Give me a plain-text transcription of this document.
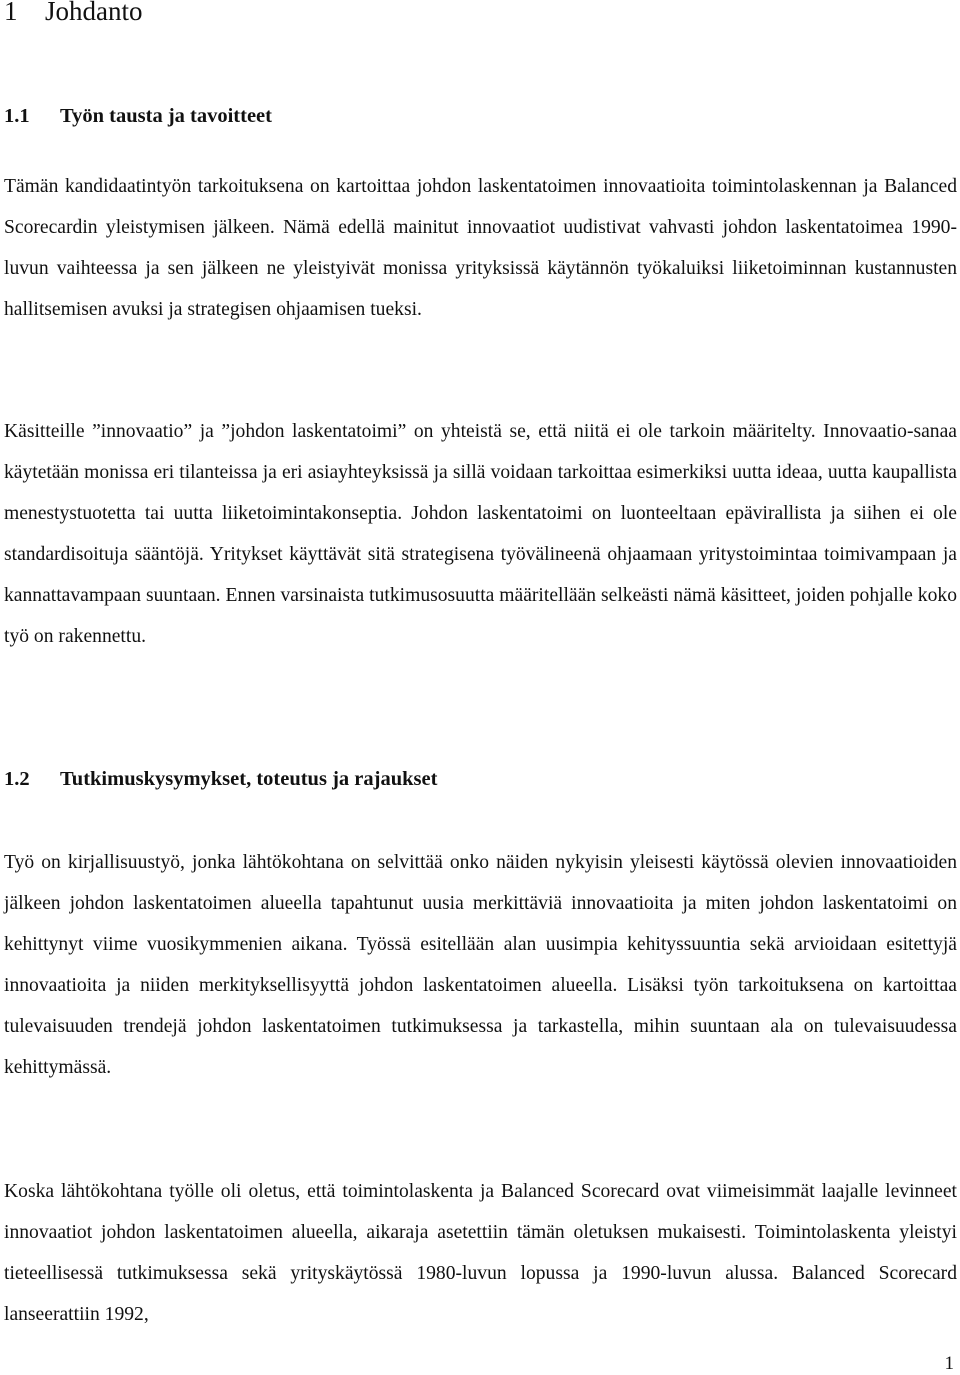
1 Johdanto
1.1 Työn tausta ja tavoitteet

Tämän kandidaatintyön tarkoituksena on kartoittaa johdon laskentatoimen innovaatioita toimintolaskennan ja Balanced Scorecardin yleistymisen jälkeen. Nämä edellä mainitut innovaatiot uudistivat vahvasti johdon laskentatoimea 1990-luvun vaihteessa ja sen jälkeen ne yleistyivät monissa yrityksissä käytännön työkaluiksi liiketoiminnan kustannusten hallitsemisen avuksi ja strategisen ohjaamisen tueksi.

Käsitteille ”innovaatio” ja ”johdon laskentatoimi” on yhteistä se, että niitä ei ole tarkoin määritelty. Innovaatio-sanaa käytetään monissa eri tilanteissa ja eri asiayhteyksissä ja sillä voidaan tarkoittaa esimerkiksi uutta ideaa, uutta kaupallista menestystuotetta tai uutta liiketoimintakonseptia. Johdon laskentatoimi on luonteeltaan epävirallista ja siihen ei ole standardisoituja sääntöjä. Yritykset käyttävät sitä strategisena työvälineenä ohjaamaan yritystoimintaa toimivampaan ja kannattavampaan suuntaan. Ennen varsinaista tutkimusosuutta määritellään selkeästi nämä käsitteet, joiden pohjalle koko työ on rakennettu.

1.2 Tutkimuskysymykset, toteutus ja rajaukset

Työ on kirjallisuustyö, jonka lähtökohtana on selvittää onko näiden nykyisin yleisesti käytössä olevien innovaatioiden jälkeen johdon laskentatoimen alueella tapahtunut uusia merkittäviä innovaatioita ja miten johdon laskentatoimi on kehittynyt viime vuosikymmenien aikana. Työssä esitellään alan uusimpia kehityssuuntia sekä arvioidaan esitettyjä innovaatioita ja niiden merkityksellisyyttä johdon laskentatoimen alueella. Lisäksi työn tarkoituksena on kartoittaa tulevaisuuden trendejä johdon laskentatoimen tutkimuksessa ja tarkastella, mihin suuntaan ala on tulevaisuudessa kehittymässä.

Koska lähtökohtana työlle oli oletus, että toimintolaskenta ja Balanced Scorecard ovat viimeisimmät laajalle levinneet innovaatiot johdon laskentatoimen alueella, aikaraja asetettiin tämän oletuksen mukaisesti. Toimintolaskenta yleistyi tieteellisessä tutkimuksessa sekä yrityskäytössä 1980-luvun lopussa ja 1990-luvun alussa. Balanced Scorecard lanseerattiin 1992,

1
